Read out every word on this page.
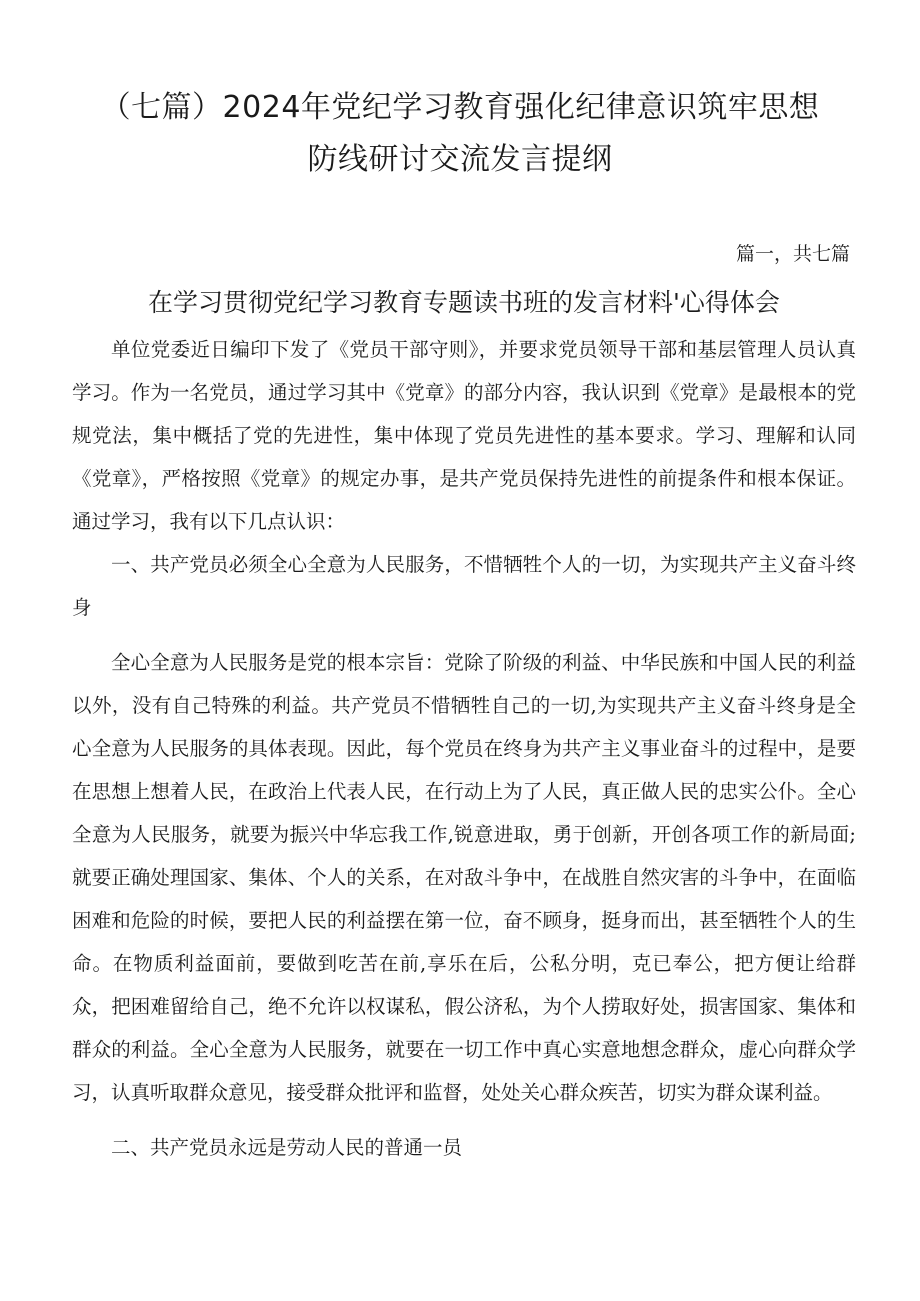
（七篇）2024年党纪学习教育强化纪律意识筑牢思想
防线研讨交流发言提纲
篇一，共七篇
在学习贯彻党纪学习教育专题读书班的发言材料'心得体会

单位党委近日编印下发了《党员干部守则》，并要求党员领导干部和基层管理人员认真学习。作为一名党员，通过学习其中《党章》的部分内容，我认识到《党章》是最根本的党规党法，集中概括了党的先进性，集中体现了党员先进性的基本要求。学习、理解和认同《党章》，严格按照《党章》的规定办事，是共产党员保持先进性的前提条件和根本保证。通过学习，我有以下几点认识：

一、共产党员必须全心全意为人民服务，不惜牺牲个人的一切，为实现共产主义奋斗终身

全心全意为人民服务是党的根本宗旨：党除了阶级的利益、中华民族和中国人民的利益以外，没有自己特殊的利益。共产党员不惜牺牲自己的一切,为实现共产主义奋斗终身是全心全意为人民服务的具体表现。因此，每个党员在终身为共产主义事业奋斗的过程中，是要在思想上想着人民，在政治上代表人民，在行动上为了人民，真正做人民的忠实公仆。全心全意为人民服务，就要为振兴中华忘我工作,锐意进取，勇于创新，开创各项工作的新局面;就要正确处理国家、集体、个人的关系，在对敌斗争中，在战胜自然灾害的斗争中，在面临困难和危险的时候，要把人民的利益摆在第一位，奋不顾身，挺身而出，甚至牺牲个人的生命。在物质利益面前，要做到吃苦在前,享乐在后，公私分明，克已奉公，把方便让给群众，把困难留给自己，绝不允许以权谋私，假公济私，为个人捞取好处，损害国家、集体和群众的利益。全心全意为人民服务，就要在一切工作中真心实意地想念群众，虚心向群众学习，认真听取群众意见，接受群众批评和监督，处处关心群众疾苦，切实为群众谋利益。

二、共产党员永远是劳动人民的普通一员
